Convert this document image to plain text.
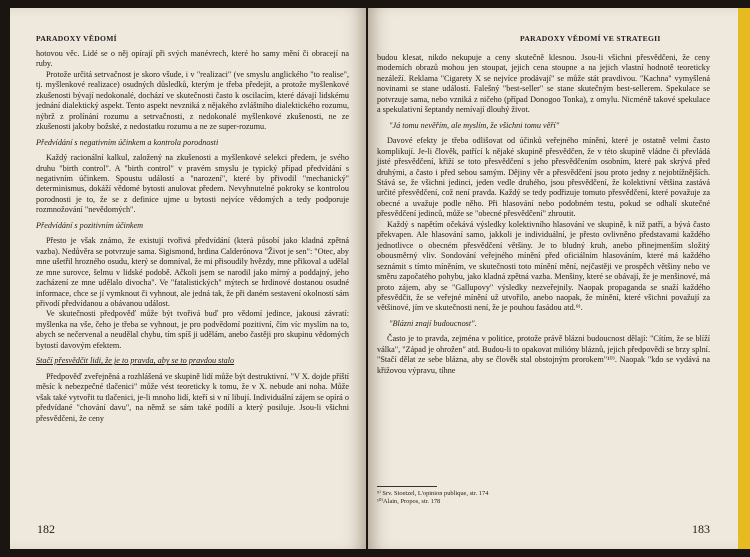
PARADOXY VĚDOMÍ

hotovou věc. Lidé se o něj opírají při svých manévrech, které ho samy mění či obracejí na ruby.

Protože určitá setrvačnost je skoro všude, i v "realizaci" (ve smyslu anglického "to realise", tj. myšlenkové realizace) osudných důsledků, kterým je třeba předejít, a protože myšlenkové zkušenosti bývají nedokonalé, dochází ve skutečnosti často k oscilacím, které dávají lidskému jednání dialektický aspekt. Tento aspekt nevzniká z nějakého zvláštního dialektického rozumu, nýbrž z prolínání rozumu a setrvačnosti, z nedokonalé myšlenkové zkušenosti, ne ze zkušenosti jakoby božské, z nedostatku rozumu a ne ze super-rozumu.

Předvídání s negativním účinkem a kontrola porodnosti

Každý racionální kalkul, založený na zkušenosti a myšlenkové selekci předem, je svého druhu "birth control". A "birth control" v pravém smyslu je typický případ předvídání s negativním účinkem. Spoustu událostí a "narození", které by přivodil "mechanický" determinismus, dokáží vědomé bytosti anulovat předem. Nevyhnutelné pokroky se kontrolou porodnosti je to, že se z definice ujme u bytosti nejvíce vědomých a tedy podporuje rozmnožování "nevědomých".

Předvídání s pozitivním účinkem

Přesto je však známo, že existují tvořivá předvídání (která působí jako kladná zpětná vazba). Nedůvěra se potvrzuje sama. Sigismond, hrdina Calderónova "Život je sen": "Otec, aby mne ušetřil hrozného osudu, který se domníval, že mi přisoudily hvězdy, mne přikoval a udělal ze mne surovce, šelmu v lidské podobě. Ačkoli jsem se narodil jako mírný a poddajný, jeho zacházení ze mne udělalo divocha". Ve "fatalistických" mýtech se hrdinové dostanou osudné informace, chce se jí vymknout či vyhnout, ale jedná tak, že při daném sestavení okolností sám přivodí předvídanou a obávanou událost.

Ve skutečnosti předpověď může být tvořivá buď pro vědomí jedince, jakousi závratí: myšlenka na vše, čeho je třeba se vyhnout, je pro podvědomí pozitivní, čím víc myslím na to, abych se nečervenal a neudělal chybu, tím spíš ji udělám, anebo častěji pro skupinu vědomých bytostí davovým efektem.

Stačí přesvědčit lidi, že je to pravda, aby se to pravdou stalo

Předpověď zveřejněná a rozhlášená ve skupině lidí může být destruktivní. "V X. dojde příští měsíc k nebezpečné tlačenici" může vést teoreticky k tomu, že v X. nebude ani noha. Může však také vytvořit tu tlačenici, je-li mnoho lidí, kteří si v ní libují. Individuální zájem se opírá o předvídané "chování davu", na němž se sám také podílí a který posiluje. Jsou-li všichni přesvědčeni, že ceny

182
PARADOXY VĚDOMÍ VE STRATEGII

budou klesat, nikdo nekupuje a ceny skutečně klesnou. Jsou-li všichni přesvědčeni, že ceny moderních obrazů mohou jen stoupat, jejich cena stoupne a na jejich vlastní hodnotě teoreticky nezáleží. Reklama "Cigarety X se nejvíce prodávají" se může stát pravdivou. "Kachna" vymyšlená novinami se stane událostí. Falešný "best-seller" se stane skutečným best-sellerem. Spekulace se potvrzuje sama, nebo vzniká z ničeho (případ Donogoo Tonka), z omylu. Nicméně takové spekulace a spekulativní šeptandy nemívají dlouhý život.

"Já tomu nevěřím, ale myslím, že všichni tomu věří"

Davové efekty je třeba odlišovat od účinků veřejného mínění, které je ostatně velmi často komplikují. Je-li člověk, patřící k nějaké skupině přesvědčen, že v této skupině vládne či převládá jisté přesvědčení, křiží se toto přesvědčení s jeho přesvědčením osobním, které pak skrývá před druhými, a často i před sebou samým. Dějiny věr a přesvědčení jsou proto jedny z nejobtížnějších. Stává se, že všichni jedinci, jeden vedle druhého, jsou přesvědčení, že kolektivní většina zastává určité přesvědčení, což není pravda. Každý se tedy podřizuje tomuto přesvědčení, které považuje za obecné a uvažuje podle něho. Při hlasování nebo podobném testu, pokud se odhalí skutečné přesvědčení jedinců, může se "obecné přesvědčení" zhroutit.

Každý s napětím očekává výsledky kolektivního hlasování ve skupině, k níž patří, a bývá často překvapen. Ale hlasování samo, jakkoli je individuální, je přesto ovlivněno představami každého jednotlivce o obecném přesvědčení většiny. Je to bludný kruh, anebo přinejmenším složitý obousměrný vliv. Sondování veřejného mínění před oficiálním hlasováním, které má každého seznámit s tímto míněním, ve skutečnosti toto mínění mění, nejčastěji ve prospěch většiny nebo ve směru započatého pohybu, jako kladná zpětná vazba. Menšiny, které se obávají, že je menšinové, má proto zájem, aby se "Gallupovy" výsledky nezveřejnily. Naopak propaganda se snaží každého přesvědčit, že se veřejné mínění už utvořilo, anebo naopak, že mínění, které všichni považují za většinové, jím ve skutečnosti není, že je pouhou fasádou atd.⁹⁾.

"Blázni znají budoucnost".

Často je to pravda, zejména v politice, protože právě blázni budoucnost dělají: "Cítím, že se blíží válka", "Západ je ohrožen" atd. Budou-li to opakovat milióny bláznů, jejich předpovědi se brzy splní. "Stačí dělat ze sebe blázna, aby se člověk stal obstojným prorokem"¹⁰⁾. Naopak "kdo se vydává na křižovou výpravu, tíhne

⁹⁾ Srv. Stoetzel, L'opinion publique, str. 174
¹⁰⁾Alain, Propos, str. 178
183
